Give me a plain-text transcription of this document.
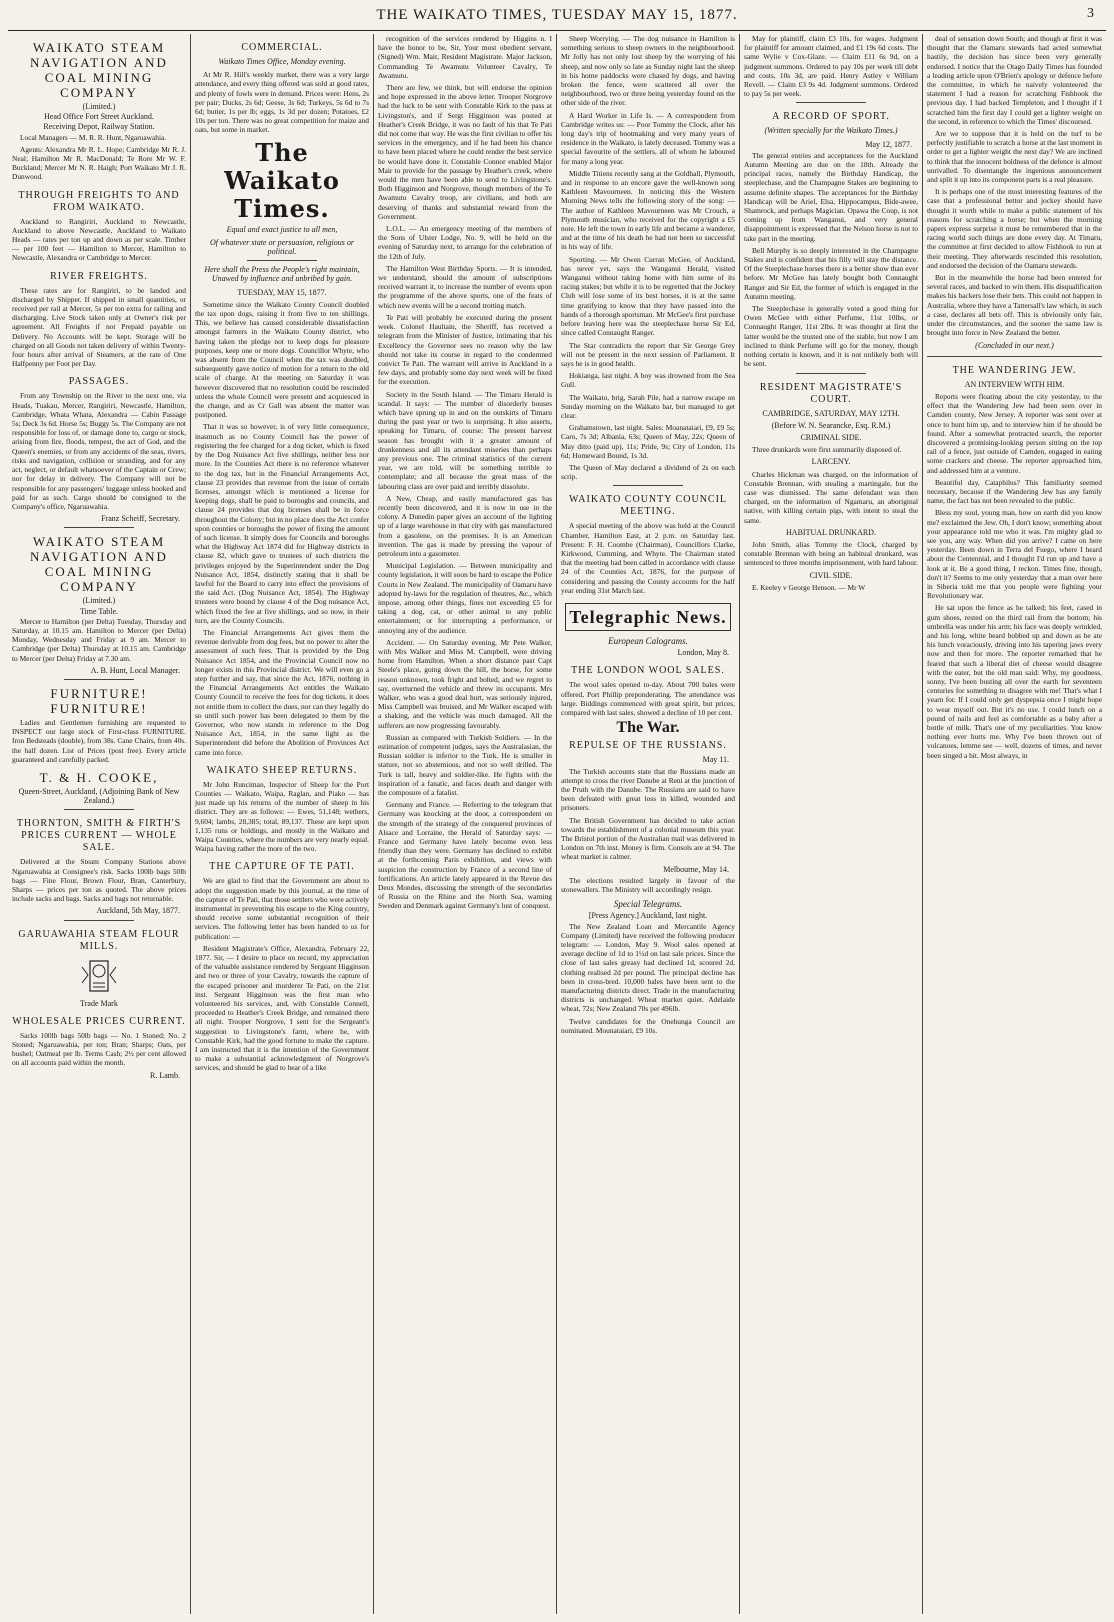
THE WAIKATO TIMES, TUESDAY MAY 15, 1877.	3
WAIKATO STEAM NAVIGATION AND COAL MINING COMPANY
(Limited.)
Head Office Fort Street Auckland.
Receiving Depot, Railway Station.

Local Managers — M. R. R. Hunt, Ngaruawahia.

Agents: Alexandra Mr R. L. Hope; Cambridge Mr R. J. Neal; Hamilton Mr R. MacDonald; Te Rore Mr W. F. Buckland; Mercer Mr N. R. Haigh; Port Waikato Mr J. R. Dunwood.

THROUGH FREIGHTS TO AND FROM WAIKATO.

Auckland to Rangiriri, Auckland to Newcastle, Auckland to above Newcastle, Auckland to Waikato Heads — rates per ton up and down as per scale. Timber — per 100 feet — Hamilton to Mercer, Hamilton to Newcastle, Alexandra or Cambridge to Mercer.

RIVER FREIGHTS.

These rates are for Rangiriri, to be landed and discharged by Shipper. If shipped in small quantities, or received per rail at Mercer, 5s per ton extra for railing and discharging. Live Stock taken only at Owner's risk per agreement. All Freights if not Prepaid payable on Delivery. No Accounts will be kept. Storage will be charged on all Goods not taken delivery of within Twenty-four hours after arrival of Steamers, at the rate of One Halfpenny per Foot per Day.

PASSAGES.

From any Township on the River to the next one, via Heads, Tuakau, Mercer, Rangiriri, Newcastle, Hamilton, Cambridge, Whata Whata, Alexandra — Cabin Passage 5s; Deck 3s 6d. Horse 5s; Buggy 5s. The Company are not responsible for loss of, or damage done to, cargo or stock, arising from fire, floods, tempest, the act of God, and the Queen's enemies, or from any accidents of the seas, rivers, risks and navigation, collision or stranding, and for any act, neglect, or default whatsoever of the Captain or Crew; nor for delay in delivery. The Company will not be responsible for any passengers' luggage unless booked and paid for as such. Cargo should be consigned to the Company's office, Ngaruawahia.

Franz Scheiff, Secretary.
WAIKATO STEAM NAVIGATION AND COAL MINING COMPANY
(Limited.)
Time Table.

Mercer to Hamilton (per Delta) Tuesday, Thursday and Saturday, at 10.15 am. Hamilton to Mercer (per Delta) Monday, Wednesday and Friday at 9 am. Mercer to Cambridge (per Delta) Thursday at 10.15 am. Cambridge to Mercer (per Delta) Friday at 7.30 am.

A. B. Hunt, Local Manager.
FURNITURE! FURNITURE!

Ladies and Gentlemen furnishing are requested to INSPECT our large stock of First-class FURNITURE. Iron Bedsteads (double), from 38s. Cane Chairs, from 40s. the half dozen. List of Prices (post free). Every article guaranteed and carefully packed.

T. & H. COOKE,
Queen-Street, Auckland, (Adjoining Bank of New Zealand.)
THORNTON, SMITH & FIRTH'S PRICES CURRENT — WHOLE SALE.

Delivered at the Steam Company Stations above Ngaruawahia at Consignee's risk. Sacks 100lb bags 50lb bags — Fine Flour, Brown Flour, Bran, Canterbury, Sharps — prices per ton as quoted. The above prices include sacks and bags. Sacks and bags not returnable.

Auckland, 5th May, 1877.
GARUAWAHIA STEAM FLOUR MILLS.
Trade Mark
WHOLESALE PRICES CURRENT.

Sacks 100lb bags 50lb bags — No. 1 Stoned; No. 2 Stoned; Ngaruawahia, per ton; Bran; Sharps; Oats, per bushel; Oatmeal per lb. Terms Cash; 2½ per cent allowed on all accounts paid within the month.

R. Lamb.
COMMERCIAL.
Waikato Times Office, Monday evening.

At Mr R. Hill's weekly market, there was a very large attendance, and every thing offered was sold at good rates, and plenty of fowls were in demand. Prices were: Hens, 2s per pair; Ducks, 2s 6d; Geese, 3s 6d; Turkeys, 5s 6d to 7s 6d; butter, 1s per lb; eggs, 1s 3d per dozen; Potatoes, £2 10s per ton. There was no great competition for maize and oats, but some in market.

The Waikato Times.
Equal and exact justice to all men,
Of whatever state or persuasion, religious or political.
Here shall the Press the People's right maintain, Unawed by influence and unbribed by gain.
TUESDAY, MAY 15, 1877.

Sometime since the Waikato County Council doubled the tax upon dogs, raising it from five to ten shillings. This, we believe has caused considerable dissatisfaction amongst farmers in the Waikato County district, who having taken the pledge not to keep dogs for pleasure purposes, keep one or more dogs. Councillor Whyte, who was absent from the Council when the tax was doubled, subsequently gave notice of motion for a return to the old scale of charge. At the meeting on Saturday it was however discovered that no resolution could be rescinded unless the whole Council were present and acquiesced in the change, and as Cr Gall was absent the matter was postponed.

That it was so however, is of very little consequence, inasmuch as no County Council has the power of registering the fee charged for a dog ticket, which is fixed by the Dog Nuisance Act five shillings, neither less nor more. In the Counties Act there is no reference whatever to the dog tax, but in the Financial Arrangements Act, clause 23 provides that revenue from the issue of certain licenses, amongst which is mentioned a license for keeping dogs, shall be paid to boroughs and councils, and clause 24 provides that dog licenses shall be in force throughout the Colony; but in no place does the Act confer upon counties or boroughs the power of fixing the amount of such license. It simply does for Councils and boroughs what the Highway Act 1874 did for Highway districts in clause 82, which gave to trustees of such districts the privileges enjoyed by the Superintendent under the Dog Nuisance Act, 1854, distinctly stating that it shall be lawful for the Board to carry into effect the provisions of the said Act. (Dog Nuisance Act, 1854). The Highway trustees were bound by clause 4 of the Dog nuisance Act, which fixed the fee at five shillings, and so now, in their turn, are the County Councils.

The Financial Arrangements Act gives them the revenue derivable from dog fees, but no power to alter the assessment of such fees. That is provided by the Dog Nuisance Act 1854, and the Provincial Council now no longer exists in this Provincial district. We will even go a step further and say, that since the Act, 1876, nothing in the Financial Arrangements Act entitles the Waikato County Council to receive the fees for dog tickets, it does not entitle them to collect the dues, nor can they legally do so until such power has been delegated to them by the Governor, who now stands in reference to the Dog Nuisance Act, 1854, in the same light as the Superintendent did before the Abolition of Provinces Act came into force.

WAIKATO SHEEP RETURNS.

Mr John Runciman, Inspector of Sheep for the Port Counties — Waikato, Waipa, Raglan, and Piako — has just made up his returns of the number of sheep in his district. They are as follows: — Ewes, 51,148; wethers, 9,604; lambs, 28,385; total, 89,137. These are kept upon 1,135 runs or holdings, and mostly in the Waikato and Waipa Counties, where the numbers are very nearly equal. Waipa having rather the more of the two.

THE CAPTURE OF TE PATI.

We are glad to find that the Government are about to adopt the suggestion made by this journal, at the time of the capture of Te Pati, that those settlers who were actively instrumental in preventing his escape to the King country, should receive some substantial recognition of their services. The following letter has been handed to us for publication: —

Resident Magistrate's Office, Alexandra, February 22, 1877. Sir, — I desire to place on record, my appreciation of the valuable assistance rendered by Sergeant Higginson and two or three of your Cavalry, towards the capture of the escaped prisoner and murderer Te Pati, on the 21st inst. Sergeant Higginson was the first man who volunteered his services, and, with Constable Connell, proceeded to Heather's Creek Bridge, and remained there all night. Trooper Norgrove, I sent for the Sergeant's suggestion to Livingstone's farm, where he, with Constable Kirk, had the good fortune to make the capture. I am instructed that it is the intention of the Government to make a substantial acknowledgment of Norgrove's services, and should be glad to hear of a like

recognition of the services rendered by Higgins n. I have the honor to be, Sir, Your most obedient servant, (Signed) Wm. Mair, Resident Magistrate. Major Jackson, Commanding Te Awamutu Volunteer Cavalry, Te Awamutu.

There are few, we think, but will endorse the opinion and hope expressed in the above letter. Trooper Norgrove had the luck to be sent with Constable Kirk to the pass at Livingston's, and if Sergt Higginson was posted at Heather's Creek Bridge, it was no fault of his that Te Pati did not come that way. He was the first civilian to offer his services in the emergency, and if he had been his chance to have been placed where he could render the best service he would have done it. Constable Connor enabled Major Mair to provide for the passage by Heather's creek, where would the men have been able to send to Livingstone's. Both Higginson and Norgrove, though members of the Te Awamutu Cavalry troop, are civilians, and both are deserving of thanks and substantial reward from the Government.

L.O.L. — An emergency meeting of the members of the Sons of Ulster Lodge, No. 9, will be held on the evening of Saturday next, to arrange for the celebration of the 12th of July.

The Hamilton West Birthday Sports. — It is intended, we understand, should the amount of subscriptions received warrant it, to increase the number of events upon the programme of the above sports, one of the feats of which new events will be a second trotting match.

Te Pati will probably be executed during the present week. Colonel Haultain, the Sheriff, has received a telegram from the Minister of Justice, intimating that his Excellency the Governor sees no reason why the law should not take its course in regard to the condemned convict Te Pati. The warrant will arrive in Auckland in a few days, and probably some day next week will be fixed for the execution.

Society in the South Island. — The Timaru Herald is scandal. It says: — The number of disorderly houses which have sprung up in and on the outskirts of Timaru during the past year or two is surprising. It also asserts, speaking for Timaru, of course: The present harvest season has brought with it a greater amount of drunkenness and all its attendant miseries than perhaps any previous one. The criminal statistics of the current year, we are told, will be something terrible to contemplate; and all because the great mass of the labouring class are over paid and terribly dissolute.

A New, Cheap, and easily manufactured gas has recently been discovered, and it is now in use in the colony. A Dunedin paper gives an account of the lighting up of a large warehouse in that city with gas manufactured from a gasolene, on the premises. It is an American invention. The gas is made by pressing the vapour of petroleum into a gasometer.

Municipal Legislation. — Between municipality and county legislation, it will soon be hard to escape the Police Courts in New Zealand. The municipality of Oamaru have adopted by-laws for the regulation of theatres, &c., which impose, among other things, fines not exceeding £5 for taking a dog, cat, or other animal to any public entertainment; or for interrupting a performance, or annoying any of the audience.

Accident. — On Saturday evening, Mr Pete Walker, with Mrs Walker and Miss M. Campbell, were driving home from Hamilton. When a short distance past Capt Steele's place, going down the hill, the horse, for some reason unknown, took fright and bolted, and we regret to say, overturned the vehicle and threw its occupants. Mrs Walker, who was a good deal hurt, was seriously injured, Miss Campbell was bruised, and Mr Walker escaped with a shaking, and the vehicle was much damaged. All the sufferers are now progressing favourably.

Russian as compared with Turkish Soldiers. — In the estimation of competent judges, says the Australasian, the Russian soldier is inferior to the Turk. He is smaller in stature, not so abstemious, and not so well drilled. The Turk is tall, heavy and soldier-like. He fights with the inspiration of a fanatic, and faces death and danger with the composure of a fatalist.

Germany and France. — Referring to the telegram that Germany was knocking at the door, a correspondent on the strength of the strategy of the conquered provinces of Alsace and Lorraine, the Herald of Saturday says: — France and Germany have lately become even less friendly than they were. Germany has declined to exhibit at the forthcoming Paris exhibition, and views with suspicion the construction by France of a second line of fortifications. An article lately appeared in the Revue des Deux Mondes, discussing the strength of the secondaries of Russia on the Rhine and the North Sea, warning Sweden and Denmark against Germany's lust of conquest.

Sheep Worrying. — The dog nuisance in Hamilton is something serious to sheep owners in the neighbourhood. Mr Jolly has not only lost sheep by the worrying of his sheep, and now only so late as Sunday night last the sheep in his home paddocks were chased by dogs, and having broken the fence, were scattered all over the neighbourhood, two or three being yesterday found on the other side of the river.

A Hard Worker in Life Is. — A correspondent from Cambridge writes us: — Poor Tommy the Clock, after his long day's trip of bootmaking and very many years of residence in the Waikato, is lately deceased. Tommy was a special favourite of the settlers, all of whom he laboured for many a long year.

Middle Titiens recently sang at the Goldhall, Plymouth, and in response to an encore gave the well-known song Kathleen Mavourneen. In noticing this the Western Morning News tells the following story of the song: — The author of Kathleen Mavourneen was Mr Crouch, a Plymouth musician, who received for the copyright a £5 note. He left the town in early life and became a wanderer, and at the time of his death he had not been so successful in his way of life.

Sporting. — Mr Owen Curran McGee, of Auckland, has never yet, says the Wanganui Herald, visited Wanganui without taking home with him some of its racing stakes; but while it is to be regretted that the Jockey Club will lose some of its best horses, it is at the same time gratifying to know that they have passed into the hands of a thorough sportsman. Mr McGee's first purchase before leaving here was the steeplechase horse Sir Ed, since called Connaught Ranger.

The Star contradicts the report that Sir George Grey will not be present in the next session of Parliament. It says he is in good health.

Hokianga, last night. A boy was drowned from the Sea Gull.

The Waikato, brig, Sarah Pile, had a narrow escape on Sunday morning on the Waikato bar, but managed to get clear.

Grahamstown, last night. Sales: Moanataiari, £9, £9 5s; Caro, 7s 3d; Albania, 63s; Queen of May, 22s; Queen of May ditto (paid up), 11s; Pride, 9s; City of London, 11s 6d; Homeward Bound, 1s 3d.

The Queen of May declared a dividend of 2s on each scrip.

WAIKATO COUNTY COUNCIL MEETING.

A special meeting of the above was held at the Council Chamber, Hamilton East, at 2 p.m. on Saturday last. Present: F. H. Coombe (Chairman), Councillors Clarke, Kirkwood, Cumming, and Whyte. The Chairman stated that the meeting had been called in accordance with clause 24 of the Counties Act, 1876, for the purpose of considering and passing the County accounts for the half year ending 31st March last.

Telegraphic News.
European Calograms.
London, May 8.
THE LONDON WOOL SALES.

The wool sales opened to-day. About 700 bales were offered, Port Phillip preponderating. The attendance was large. Biddings commenced with great spirit, but prices, compared with last sales, showed a decline of 10 per cent.

The War.
REPULSE OF THE RUSSIANS.
May 11.

The Turkish accounts state that the Russians made an attempt to cross the river Danube at Reni at the junction of the Pruth with the Danube. The Russians are said to have been defeated with great loss in killed, wounded and prisoners.

The British Government has decided to take action towards the establishment of a colonial museum this year. The Bristol portion of the Australian mail was delivered in London on 7th inst. Money is firm. Consols are at 94. The wheat market is calmer.

Melbourne, May 14.

The elections resulted largely in favour of the stonewallers. The Ministry will accordingly resign.

Special Telegrams.
[Press Agency.] Auckland, last night.

The New Zealand Loan and Mercantile Agency Company (Limited) have received the following producer telegram: — London, May 9. Wool sales opened at average decline of 1d to 1½d on last sale prices. Since the close of last sales greasy had declined 1d, scoured 2d, clothing realised 2d per pound. The principal decline has been in cross-bred. 10,000 bales have been sent to the manufacturing districts direct. Trade in the manufacturing districts is unchanged. Wheat market quiet. Adelaide wheat, 72s; New Zealand 70s per 496lb.

Twelve candidates for the Onehunga Council are nominated. Mounataiari, £9 10s.

May for plaintiff, claim £3 10s, for wages. Judgment for plaintiff for amount claimed, and £1 19s 6d costs. The same Wylie v Cox-Glaze. — Claim £11 6s 9d, on a judgment summons. Ordered to pay 10s per week till debt and costs, 10s 3d, are paid. Henry Astley v William Revell. — Claim £3 9s 4d. Judgment summons. Ordered to pay 5s per week.

A RECORD OF SPORT.
(Written specially for the Waikato Times.)
May 12, 1877.

The general entries and acceptances for the Auckland Autumn Meeting are due on the 18th. Already the principal races, namely the Birthday Handicap, the steeplechase, and the Champagne Stakes are beginning to assume definite shapes. The acceptances for the Birthday Handicap will be Ariel, Elsa, Hippocampus, Bide-awee, Shamrock, and perhaps Magician. Opawa the Coup, is not coming up from Wanganui, and very general disappointment is expressed that the Nelson horse is not to take part in the meeting.

Bell Murphy is so deeply interested in the Champagne Stakes and is confident that his filly will stay the distance. Of the Steeplechase horses there is a better show than ever before. Mr McGee has lately bought both Connaught Ranger and Sir Ed, the former of which is engaged in the Autumn meeting.

The Steeplechase is generally voted a good thing for Owen McGee with either Perfume, 11st 10lbs, or Connaught Ranger, 11st 2lbs. It was thought at first the latter would be the trusted one of the stable, but now I am inclined to think Perfume will go for the money, though nothing certain is known, and it is not unlikely both will be sent.

RESIDENT MAGISTRATE'S COURT.
CAMBRIDGE, SATURDAY, MAY 12TH.
(Before W. N. Searancke, Esq. R.M.)
CRIMINAL SIDE.

Three drunkards were first summarily disposed of.

LARCENY.

Charles Hickman was charged, on the information of Constable Brennan, with stealing a martingale, but the case was dismissed. The same defendant was then charged, on the information of Ngamaru, an aboriginal native, with killing certain pigs, with intent to steal the same.

HABITUAL DRUNKARD.

John Smith, alias Tommy the Clock, charged by constable Brennan with being an habitual drunkard, was sentenced to three months imprisonment, with hard labour.

CIVIL SIDE.

E. Keeley v George Henson. — Mr W

deal of sensation down South; and though at first it was thought that the Oamaru stewards had acted somewhat hastily, the decision has since been very generally endorsed. I notice that the Otago Daily Times has founded a leading article upon O'Brien's apology or defence before the committee, in which he naively volunteered the statement I had a reason for scratching Fishhook the previous day. I had backed Templeton, and I thought if I scratched him the first day I could get a lighter weight on the second, in reference to which the Times' discoursed.

Are we to suppose that it is held on the turf to be perfectly justifiable to scratch a horse at the last moment in order to get a lighter weight the next day? We are inclined to think that the innocent boldness of the defence is almost unrivalled. To disentangle the ingenious announcement and split it up into its component parts is a real pleasure.

It is perhaps one of the most interesting features of the case that a professional bettor and jockey should have thought it worth while to make a public statement of his reasons for scratching a horse; but when the morning papers express surprise it must be remembered that in the racing world such things are done every day. At Timaru, the committee at first decided to allow Fishhook to run at their meeting. They afterwards rescinded this resolution, and endorsed the decision of the Oamaru stewards.

But in the meanwhile the horse had been entered for several races, and backed to win them. His disqualification makes his backers lose their bets. This could not happen in Australia, where they have a Tattersall's law which, in such a case, declares all bets off. This is obviously only fair, under the circumstances, and the sooner the same law is brought into force in New Zealand the better.

(Concluded in our next.)
THE WANDERING JEW.
AN INTERVIEW WITH HIM.

Reports were floating about the city yesterday, to the effect that the Wandering Jew had been seen over in Camden county, New Jersey. A reporter was sent over at once to hunt him up, and to interview him if he should be found. After a somewhat protracted search, the reporter discovered a promising-looking person sitting on the top rail of a fence, just outside of Camden, engaged in eating some crackers and cheese. The reporter approached him, and addressed him at a venture.

Beautiful day, Cataphilus? This familiarity seemed necessary, because if the Wandering Jew has any family name, the fact has not been revealed to the public.

Bless my soul, young man, how on earth did you know me? exclaimed the Jew. Oh, I don't know; something about your appearance told me who it was. I'm mighty glad to see you, any way. When did you arrive? I came on here yesterday. Been down in Terra del Fuego, where I heard about the Centennial, and I thought I'd run up and have a look at it. Be a good thing, I reckon. Times fine, though, don't it? Seems to me only yesterday that a man over here in Siberia told me that you people were fighting your Revolutionary war.

He sat upon the fence as he talked; his feet, cased in gum shoes, rested on the third rail from the bottom; his umbrella was under his arm; his face was deeply wrinkled, and his long, white beard bobbed up and down as he ate his lunch voraciously, driving into his tapering jaws every now and then for more. The reporter remarked that he feared that such a liberal diet of cheese would disagree with the eater, but the old man said: Why, my goodness, sonny, I've been busting all over the earth for seventeen centuries for something to disagree with me! That's what I yearn for. If I could only get dyspepsia once I might hope to wear myself out. But it's no use. I could lunch on a pound of nails and feel as comfortable as a baby after a bottle of milk. That's one of my peculiarities. You know nothing ever hurts me. Why I've been thrown out of volcanoes, lemme see — well, dozens of times, and never been singed a bit. Most always, in
